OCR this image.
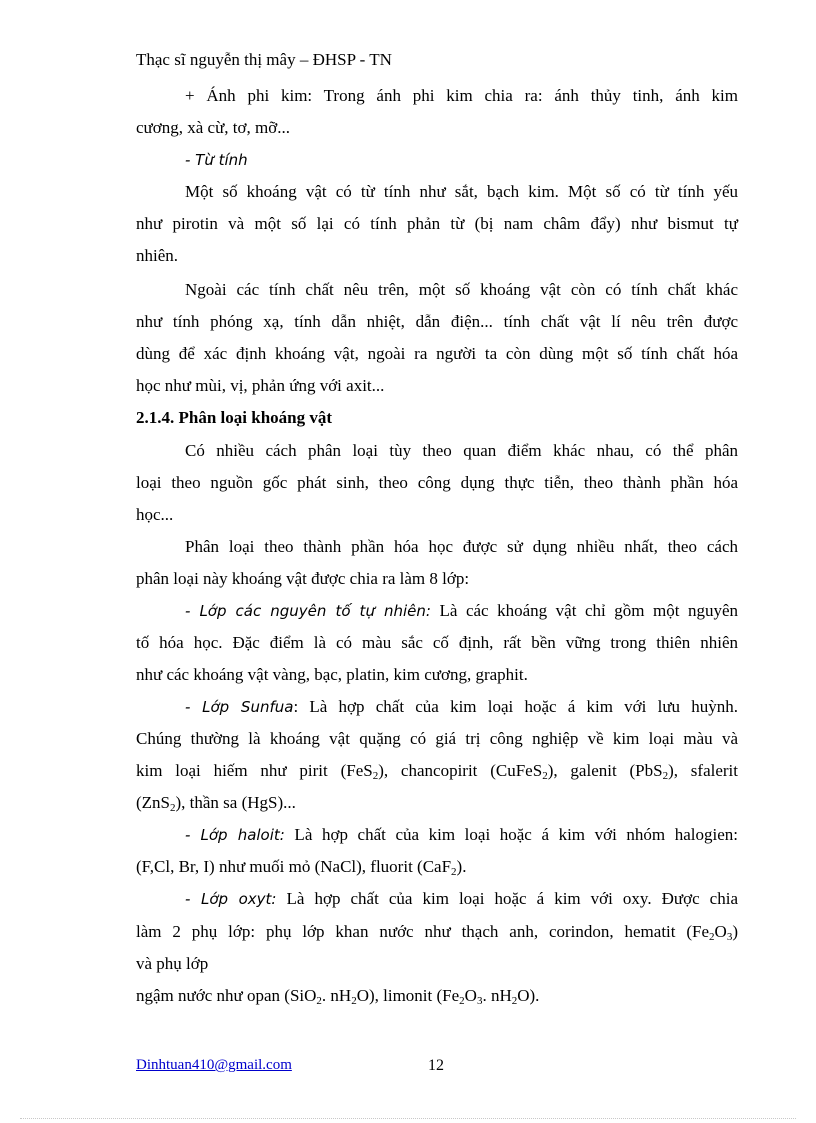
Thạc sĩ nguyễn thị mây – ĐHSP - TN
+ Ánh phi kim: Trong ánh phi kim chia ra: ánh thủy tinh, ánh kim
cương, xà cừ, tơ, mỡ...
- Từ tính
Một số khoáng vật có từ tính như sắt, bạch kim. Một số có từ tính yếu
như pirotin và một số lại có tính phản từ (bị nam châm đẩy) như bismut tự
nhiên.
Ngoài các tính chất nêu trên, một số khoáng vật còn có tính chất khác
như tính phóng xạ, tính dẫn nhiệt, dẫn điện... tính chất vật lí nêu trên được
dùng để xác định khoáng vật, ngoài ra người ta còn dùng một số tính chất hóa
học như mùi, vị, phản ứng với axit...
2.1.4. Phân loại khoáng vật
Có nhiều cách phân loại tùy theo quan điểm khác nhau, có thể phân
loại theo nguồn gốc phát sinh, theo công dụng thực tiễn, theo thành phần hóa
học...
Phân loại theo thành phần hóa học được sử dụng nhiều nhất, theo cách
phân loại này khoáng vật được chia ra làm 8 lớp:
- Lớp các nguyên tố tự nhiên: Là các khoáng vật chỉ gồm một nguyên
tố hóa học. Đặc điểm là có màu sắc cố định, rất bền vững trong thiên nhiên
như các khoáng vật vàng, bạc, platin, kim cương, graphit.
- Lớp Sunfua: Là hợp chất của kim loại hoặc á kim với lưu huỳnh.
Chúng thường là khoáng vật quặng có giá trị công nghiệp về kim loại màu và
kim loại hiếm như pirit (FeS$_2$), chancopirit (CuFeS$_2$), galenit (PbS$_2$), sfalerit
(ZnS$_2$), thần sa (HgS)...
- Lớp haloit: Là hợp chất của kim loại hoặc á kim với nhóm halogien:
(F,Cl, Br, I) như muối mỏ (NaCl), fluorit (CaF$_2$).
- Lớp oxyt: Là hợp chất của kim loại hoặc á kim với oxy. Được chia
làm 2 phụ lớp: phụ lớp khan nước như thạch anh, corindon, hematit $(Fe_2O_3)$
và phụ lớp
ngậm nước như opan (SiO$_2$. $nH_2O$), limonit ($Fe_2O_3$. $nH_2O$).
Dinhtuan410@gmail.com	12
